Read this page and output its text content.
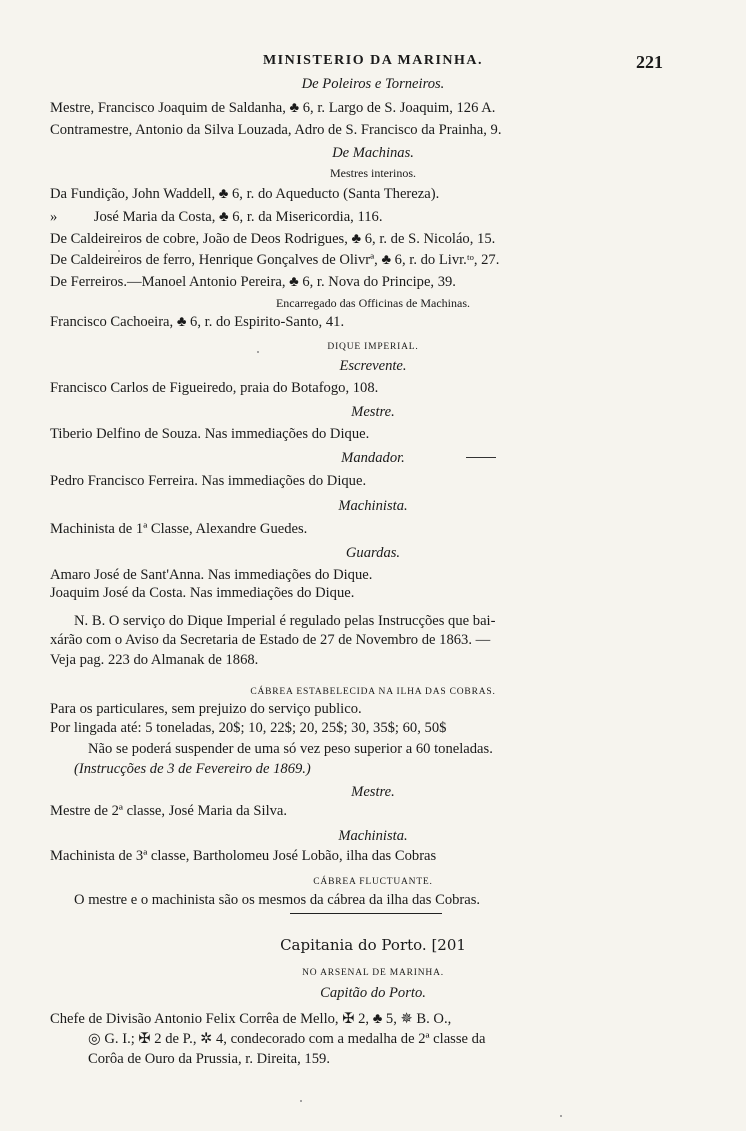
MINISTERIO DA MARINHA.	221
De Poleiros e Torneiros.
Mestre, Francisco Joaquim de Saldanha, ♣ 6, r. Largo de S. Joaquim, 126 A.
Contramestre, Antonio da Silva Louzada, Adro de S. Francisco da Prainha, 9.
De Machinas.
Mestres interinos.
Da Fundição, John Waddell, ♣ 6, r. do Aqueducto (Santa Thereza).
»          José Maria da Costa, ♣ 6, r. da Misericordia, 116.
De Caldeireiros de cobre, João de Deos Rodrigues, ♣ 6, r. de S. Nicoláo, 15.
De Caldeireiros de ferro, Henrique Gonçalves de Olivrª, ♣ 6, r. do Livr.ᵗᵒ, 27.
De Ferreiros.—Manoel Antonio Pereira, ♣ 6, r. Nova do Principe, 39.
Encarregado das Officinas de Machinas.
Francisco Cachoeira, ♣ 6, r. do Espirito-Santo, 41.
DIQUE IMPERIAL.
Escrevente.
Francisco Carlos de Figueiredo, praia do Botafogo, 108.
Mestre.
Tiberio Delfino de Souza. Nas immediações do Dique.
Mandador.
Pedro Francisco Ferreira. Nas immediações do Dique.
Machinista.
Machinista de 1ª Classe, Alexandre Guedes.
Guardas.
Amaro José de Sant'Anna. Nas immediações do Dique.
Joaquim José da Costa. Nas immediações do Dique.
N. B. O serviço do Dique Imperial é regulado pelas Instrucções que bai-
xárão com o Aviso da Secretaria de Estado de 27 de Novembro de 1863. —
Veja pag. 223 do Almanak de 1868.
CÁBREA ESTABELECIDA NA ILHA DAS COBRAS.
Para os particulares, sem prejuizo do serviço publico.
Por lingada até: 5 toneladas, 20$; 10, 22$; 20, 25$; 30, 35$; 60, 50$
Não se poderá suspender de uma só vez peso superior a 60 toneladas.
(Instrucções de 3 de Fevereiro de 1869.)
Mestre.
Mestre de 2ª classe, José Maria da Silva.
Machinista.
Machinista de 3ª classe, Bartholomeu José Lobão, ilha das Cobras
CÁBREA FLUCTUANTE.
O mestre e o machinista são os mesmos da cábrea da ilha das Cobras.
Capitania do Porto. [201
NO ARSENAL DE MARINHA.
Capitão do Porto.
Chefe de Divisão Antonio Felix Corrêa de Mello, ✠ 2, ♣ 5, ✵ B. O.,
◎ G. I.; ✠ 2 de P., ✲ 4, condecorado com a medalha de 2ª classe da
Corôa de Ouro da Prussia, r. Direita, 159.
